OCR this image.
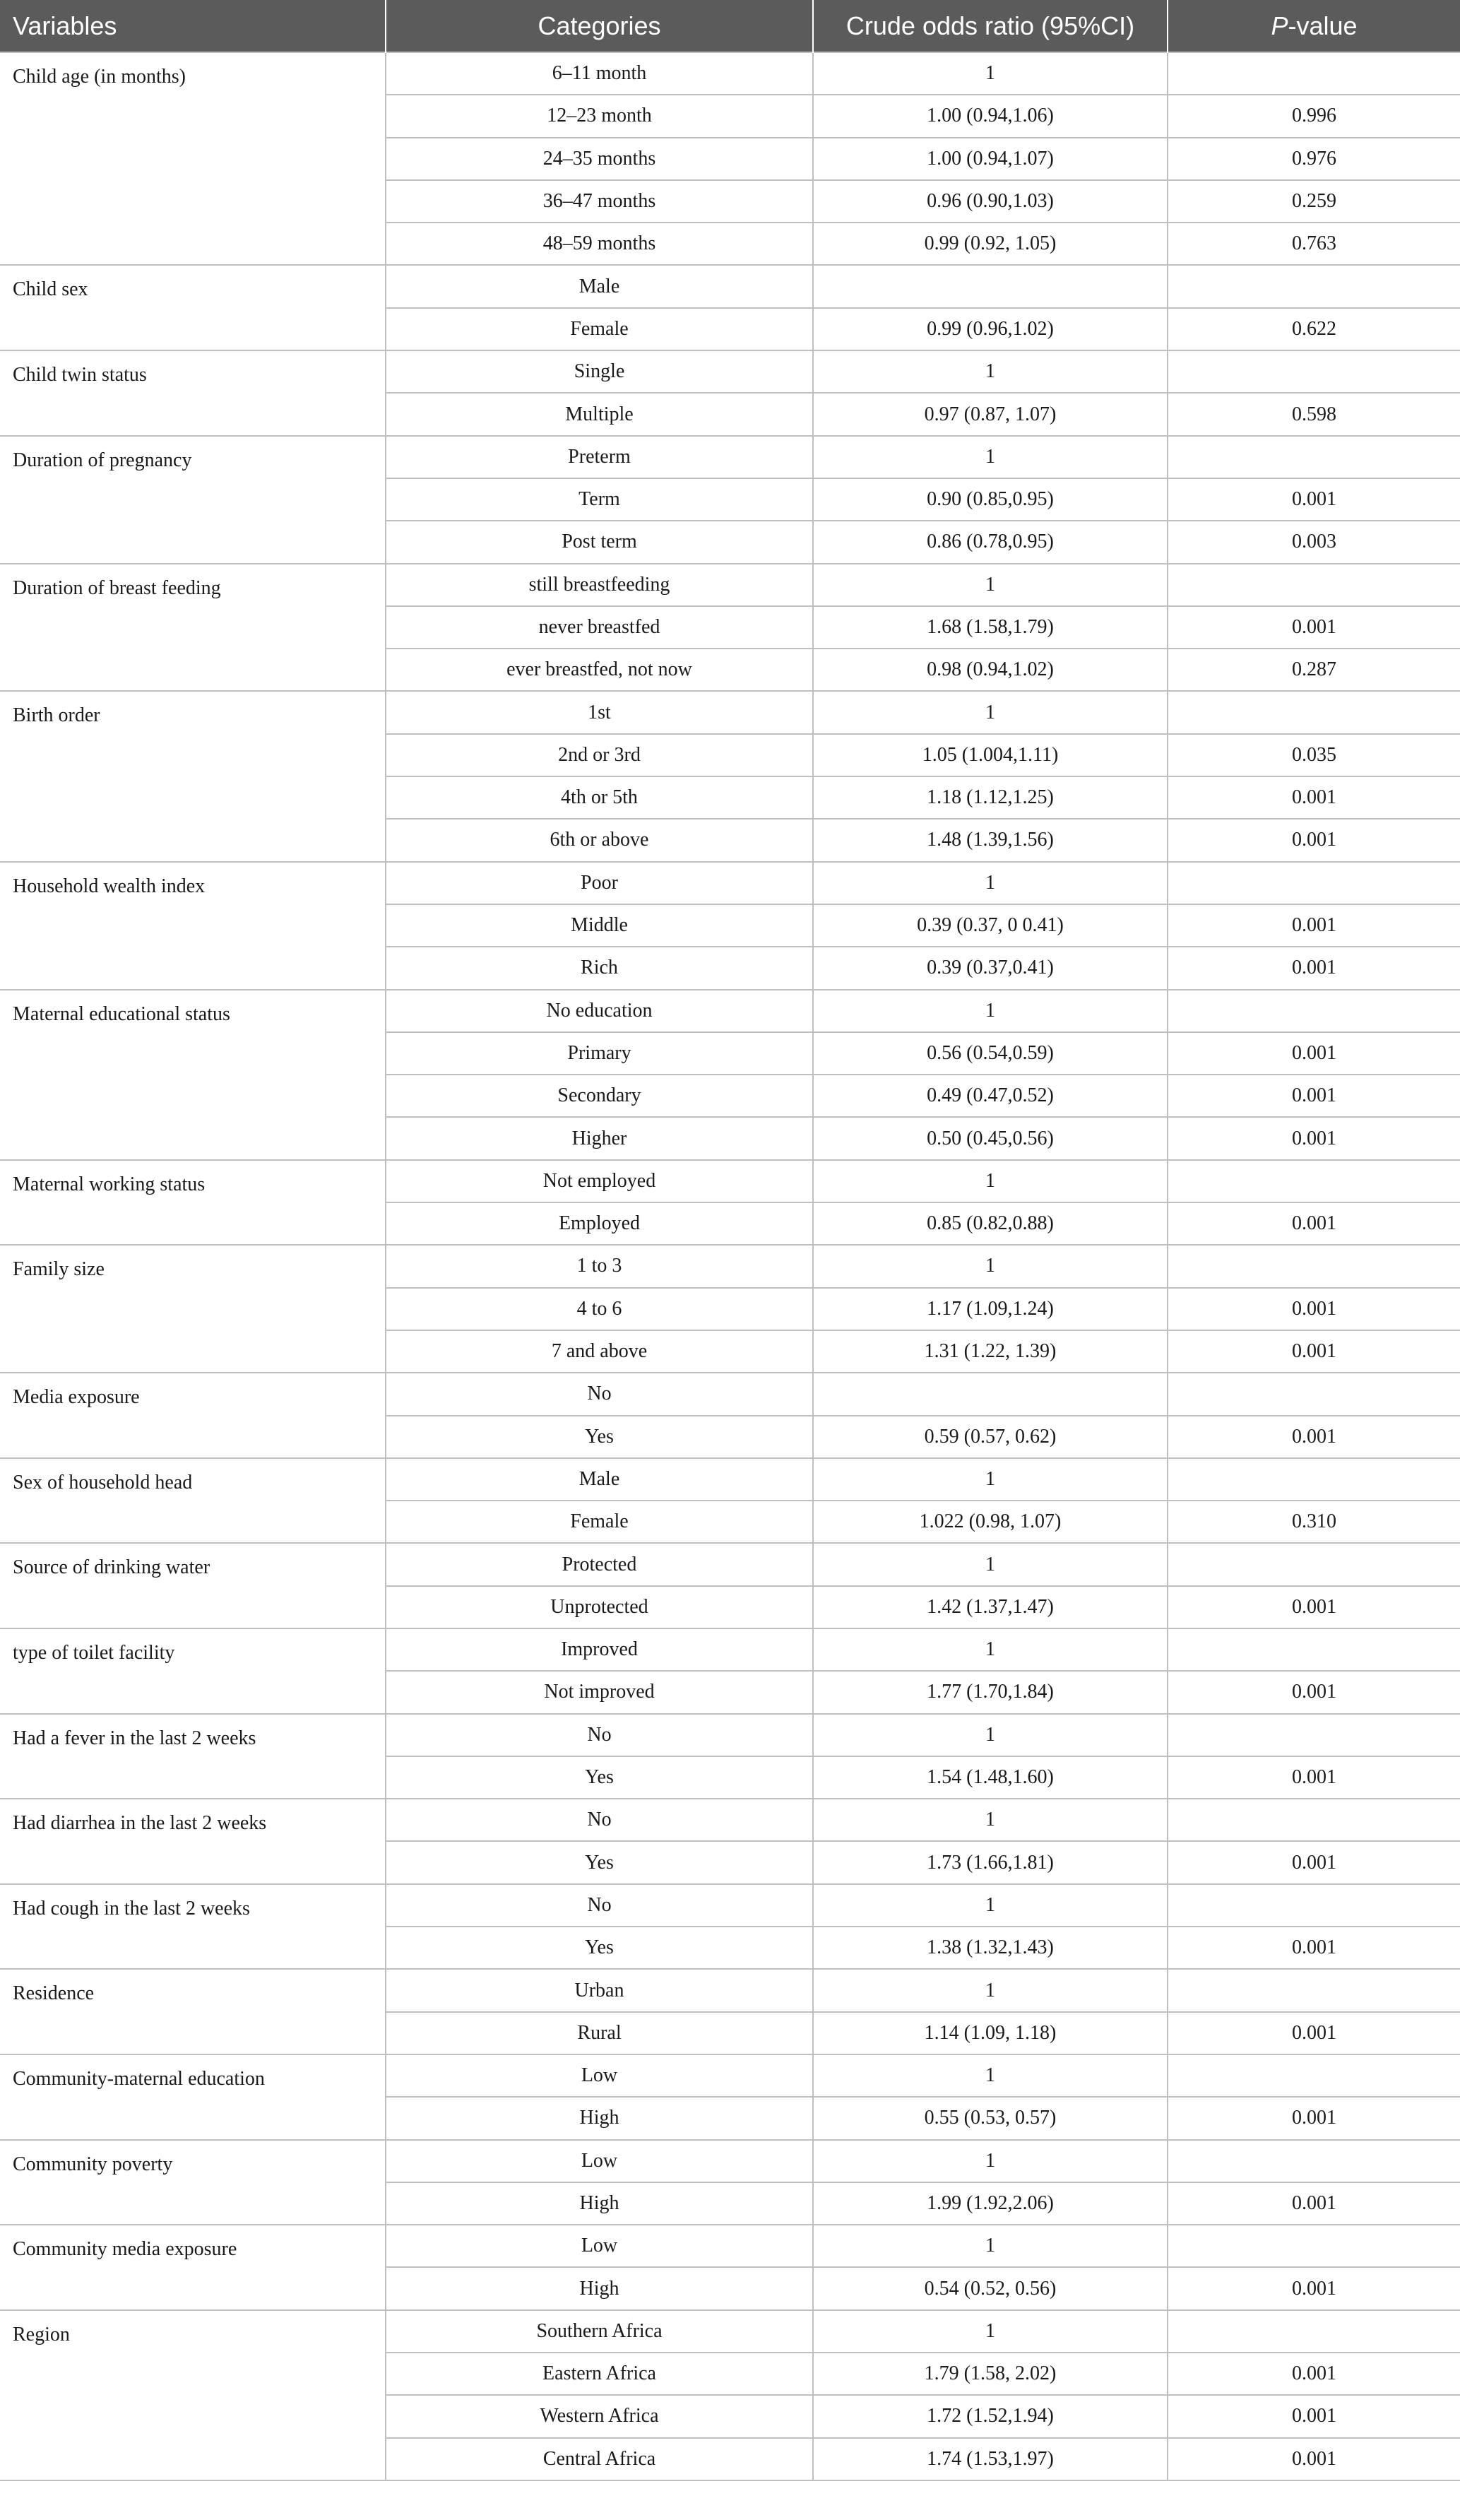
Variables	Categories	Crude odds ratio (95%CI)	P-value
Child age (in months)	6–11 month	1	
	12–23 month	1.00 (0.94,1.06)	0.996
	24–35 months	1.00 (0.94,1.07)	0.976
	36–47 months	0.96 (0.90,1.03)	0.259
	48–59 months	0.99 (0.92, 1.05)	0.763
Child sex	Male		
	Female	0.99 (0.96,1.02)	0.622
Child twin status	Single	1	
	Multiple	0.97 (0.87, 1.07)	0.598
Duration of pregnancy	Preterm	1	
	Term	0.90 (0.85,0.95)	0.001
	Post term	0.86 (0.78,0.95)	0.003
Duration of breast feeding	still breastfeeding	1	
	never breastfed	1.68 (1.58,1.79)	0.001
	ever breastfed, not now	0.98 (0.94,1.02)	0.287
Birth order	1st	1	
	2nd or 3rd	1.05 (1.004,1.11)	0.035
	4th or 5th	1.18 (1.12,1.25)	0.001
	6th or above	1.48 (1.39,1.56)	0.001
Household wealth index	Poor	1	
	Middle	0.39 (0.37, 0 0.41)	0.001
	Rich	0.39 (0.37,0.41)	0.001
Maternal educational status	No education	1	
	Primary	0.56 (0.54,0.59)	0.001
	Secondary	0.49 (0.47,0.52)	0.001
	Higher	0.50 (0.45,0.56)	0.001
Maternal working status	Not employed	1	
	Employed	0.85 (0.82,0.88)	0.001
Family size	1 to 3	1	
	4 to 6	1.17 (1.09,1.24)	0.001
	7 and above	1.31 (1.22, 1.39)	0.001
Media exposure	No		
	Yes	0.59 (0.57, 0.62)	0.001
Sex of household head	Male	1	
	Female	1.022 (0.98, 1.07)	0.310
Source of drinking water	Protected	1	
	Unprotected	1.42 (1.37,1.47)	0.001
type of toilet facility	Improved	1	
	Not improved	1.77 (1.70,1.84)	0.001
Had a fever in the last 2 weeks	No	1	
	Yes	1.54 (1.48,1.60)	0.001
Had diarrhea in the last 2 weeks	No	1	
	Yes	1.73 (1.66,1.81)	0.001
Had cough in the last 2 weeks	No	1	
	Yes	1.38 (1.32,1.43)	0.001
Residence	Urban	1	
	Rural	1.14 (1.09, 1.18)	0.001
Community-maternal education	Low	1	
	High	0.55 (0.53, 0.57)	0.001
Community poverty	Low	1	
	High	1.99 (1.92,2.06)	0.001
Community media exposure	Low	1	
	High	0.54 (0.52, 0.56)	0.001
Region	Southern Africa	1	
	Eastern Africa	1.79 (1.58, 2.02)	0.001
	Western Africa	1.72 (1.52,1.94)	0.001
	Central Africa	1.74 (1.53,1.97)	0.001
